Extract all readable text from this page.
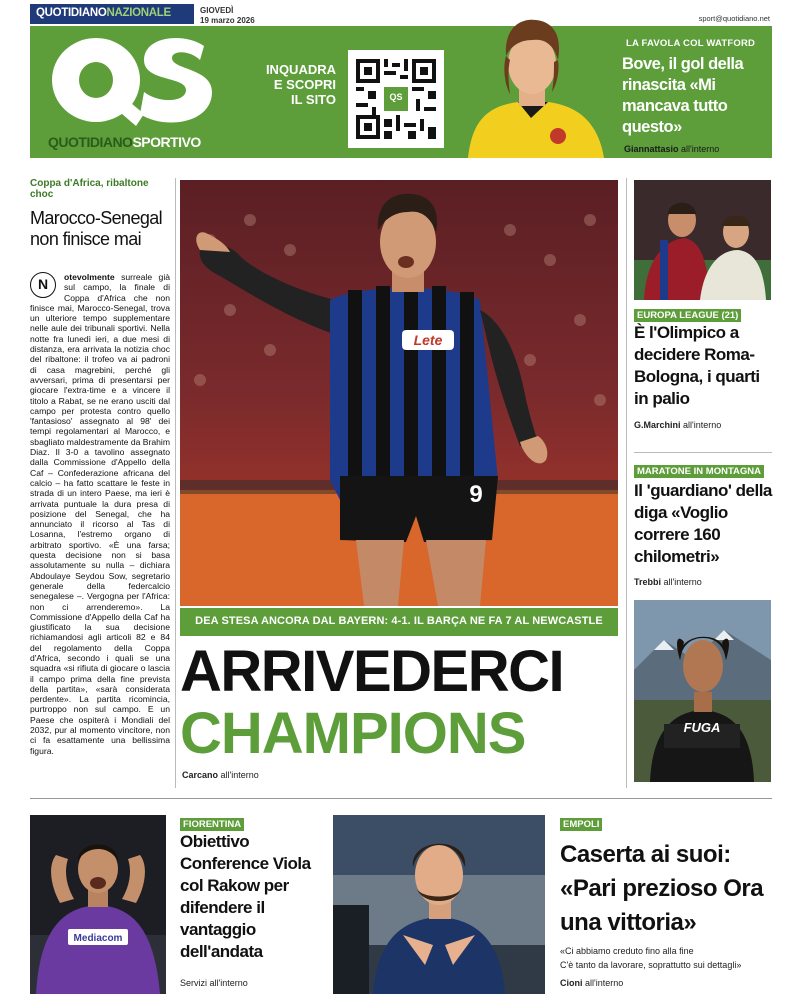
QUOTIDIANONAZIONALE	GIOVEDÌ
19 marzo 2026	sport@quotidiano.net
QUOTIDIANOSPORTIVO
INQUADRA
E SCOPRI
IL SITO	QS
LA FAVOLA COL WATFORD
Bove, il gol della rinascita «Mi mancava tutto questo»
Giannattasio all'interno
Coppa d'Africa, ribaltone choc
Marocco-Senegal non finisce mai
N	otevolmente surreale già sul campo, la finale di Coppa d'Africa che non finisce mai, Marocco-Senegal, trova un ulteriore tempo supplementare nelle aule dei tribunali sportivi. Nella notte fra lunedì ieri, a due mesi di distanza, era arrivata la notizia choc del ribaltone: il trofeo va ai padroni di casa magrebini, perché gli avversari, prima di presentarsi per giocare l'extra-time e a vincere il titolo a Rabat, se ne erano usciti dal campo per protesta contro quello 'fantasioso' assegnato al 98' dei tempi regolamentari al Marocco, e sbagliato maldestramente da Brahim Diaz. Il 3-0 a tavolino assegnato dalla Commissione d'Appello della Caf – Confederazione africana del calcio – ha fatto scattare le feste in strada di un intero Paese, ma ieri è arrivata puntuale la dura presa di posizione del Senegal, che ha annunciato il ricorso al Tas di Losanna, l'estremo organo di arbitrato sportivo. «È una farsa; questa decisione non si basa assolutamente su nulla – dichiara Abdoulaye Seydou Sow, segretario generale della federcalcio senegalese –. Vergogna per l'Africa: non ci arrenderemo». La Commissione d'Appello della Caf ha giustificato la sua decisione richiamandosi agli articoli 82 e 84 del regolamento della Coppa d'Africa, secondo i quali se una squadra «si rifiuta di giocare o lascia il campo prima della fine prevista della partita», «sarà considerata perdente». La partita ricomincia, purtroppo non sul campo. E un Paese che ospiterà i Mondiali del 2032, pur al momento vincitore, non ci fa esattamente una bellissima figura.
Lete
9
DEA STESA ANCORA DAL BAYERN: 4-1. IL BARÇA NE FA 7 AL NEWCASTLE
ARRIVEDERCI
CHAMPIONS
Carcano all'interno
EUROPA LEAGUE (21)
È l'Olimpico a decidere Roma-Bologna, i quarti in palio
G.Marchini all'interno
MARATONE IN MONTAGNA
Il 'guardiano' della diga «Voglio correre 160 chilometri»
Trebbi all'interno
FUGA
Mediacom
FIORENTINA
Obiettivo Conference Viola col Rakow per difendere il vantaggio dell'andata
Servizi all'interno
EMPOLI
Caserta ai suoi: «Pari prezioso Ora una vittoria»
«Ci abbiamo creduto fino alla fine
C'è tanto da lavorare, soprattutto sui dettagli»
Cioni all'interno
